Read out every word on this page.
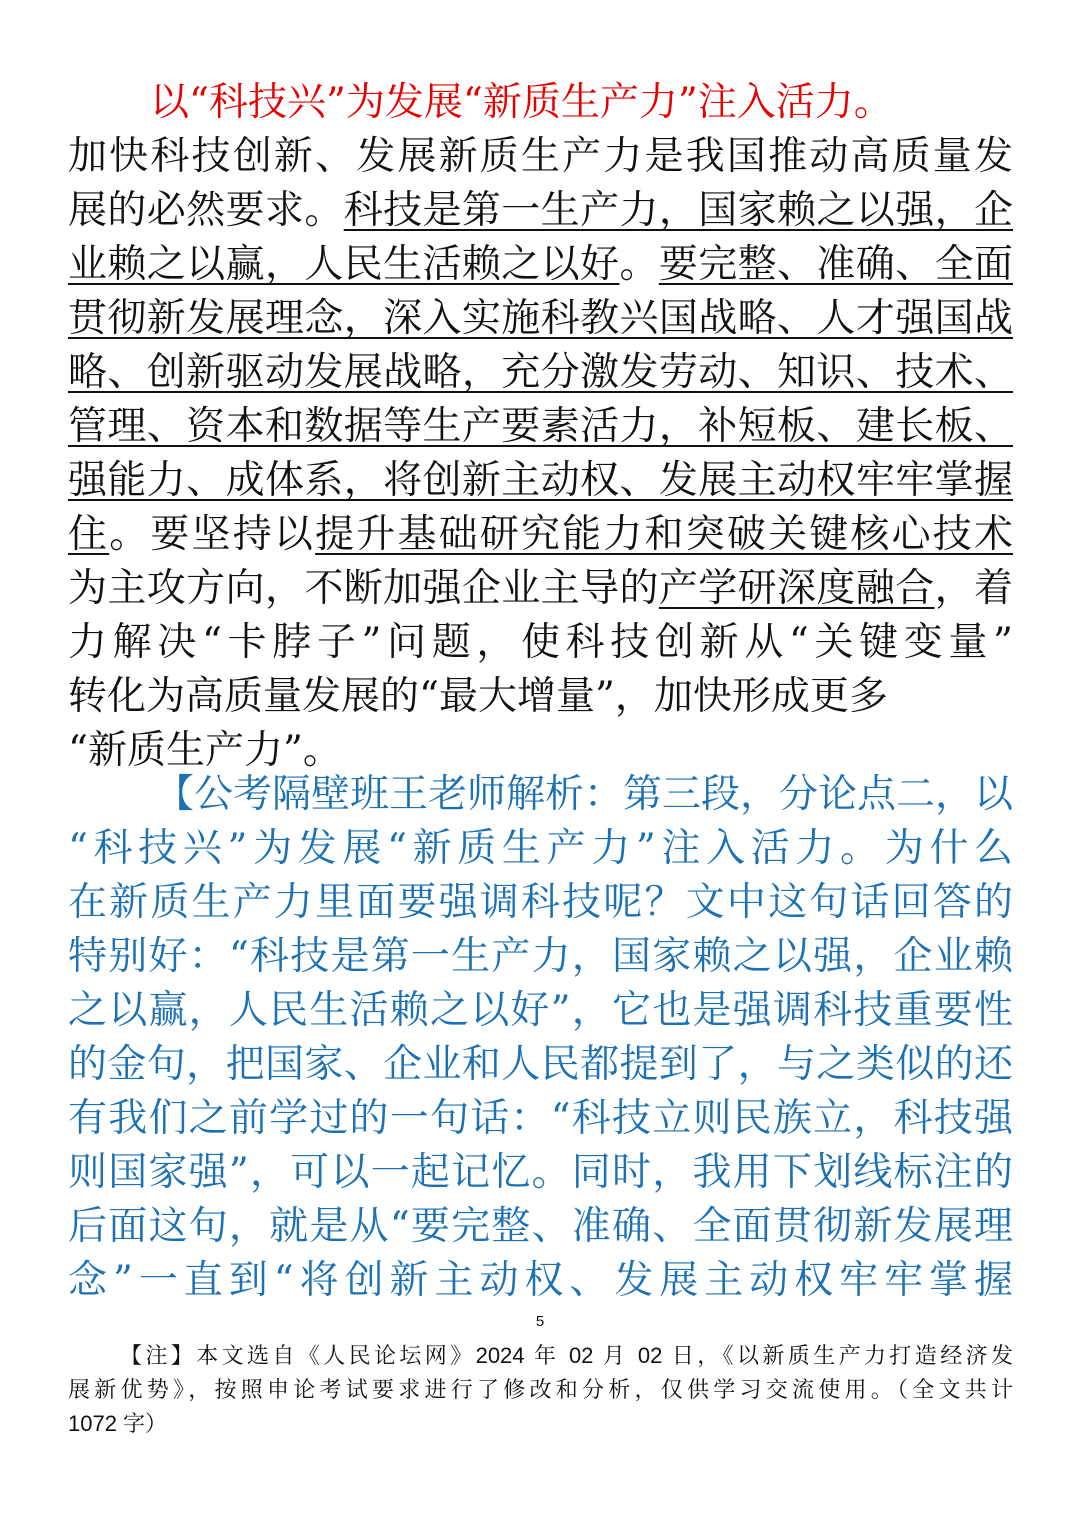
以“科技兴”为发展“新质生产力”注入活力。
加快科技创新、发展新质生产力是我国推动高质量发
展的必然要求。科技是第一生产力，国家赖之以强，企
业赖之以赢，人民生活赖之以好。要完整、准确、全面
贯彻新发展理念，深入实施科教兴国战略、人才强国战
略、创新驱动发展战略，充分激发劳动、知识、技术、
管理、资本和数据等生产要素活力，补短板、建长板、
强能力、成体系，将创新主动权、发展主动权牢牢掌握
住。要坚持以提升基础研究能力和突破关键核心技术
为主攻方向，不断加强企业主导的产学研深度融合，着
力解决“卡脖子”问题，使科技创新从“关键变量”
转化为高质量发展的“最大增量”，加快形成更多
“新质生产力”。
【公考隔壁班王老师解析：第三段，分论点二，以
“科技兴”为发展“新质生产力”注入活力。为什么
在新质生产力里面要强调科技呢？文中这句话回答的
特别好：“科技是第一生产力，国家赖之以强，企业赖
之以赢，人民生活赖之以好”，它也是强调科技重要性
的金句，把国家、企业和人民都提到了，与之类似的还
有我们之前学过的一句话：“科技立则民族立，科技强
则国家强”，可以一起记忆。同时，我用下划线标注的
后面这句，就是从“要完整、准确、全面贯彻新发展理
念”一直到“将创新主动权、发展主动权牢牢掌握
5
【注】本文选自《人民论坛网》2024 年 02 月 02 日，《以新质生产力打造经济发
展新优势》，按照申论考试要求进行了修改和分析，仅供学习交流使用。（全文共计
1072 字）
